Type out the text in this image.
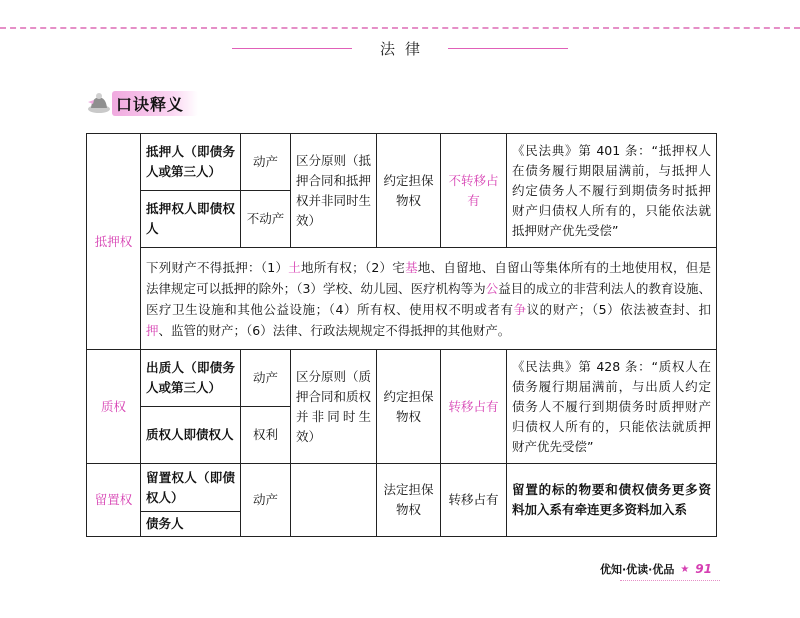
法律
口诀释义
抵押权	抵押人（即债务人或第三人）	动产	区分原则（抵押合同和抵押权并非同时生效）	约定担保物权	不转移占有	《民法典》第 401 条：“抵押权人在债务履行期限届满前，与抵押人约定债务人不履行到期债务时抵押财产归债权人所有的，只能依法就抵押财产优先受偿”
	抵押权人即债权人	不动产				
	下列财产不得抵押：（1）土地所有权；（2）宅基地、自留地、自留山等集体所有的土地使用权，但是法律规定可以抵押的除外；（3）学校、幼儿园、医疗机构等为公益目的成立的非营利法人的教育设施、医疗卫生设施和其他公益设施；（4）所有权、使用权不明或者有争议的财产；（5）依法被查封、扣押、监管的财产；（6）法律、行政法规规定不得抵押的其他财产。					
质权	出质人（即债务人或第三人）	动产	区分原则（质押合同和质权并非同时生效）	约定担保物权	转移占有	《民法典》第 428 条：“质权人在债务履行期届满前，与出质人约定债务人不履行到期债务时质押财产归债权人所有的，只能依法就质押财产优先受偿”
	质权人即债权人	权利				
留置权	留置权人（即债权人）	动产		法定担保物权	转移占有	留置的标的物要和债权债务更多资料加入系有牵连更多资料加入系
	债务人					
优知·优读·优品 ★ 91
